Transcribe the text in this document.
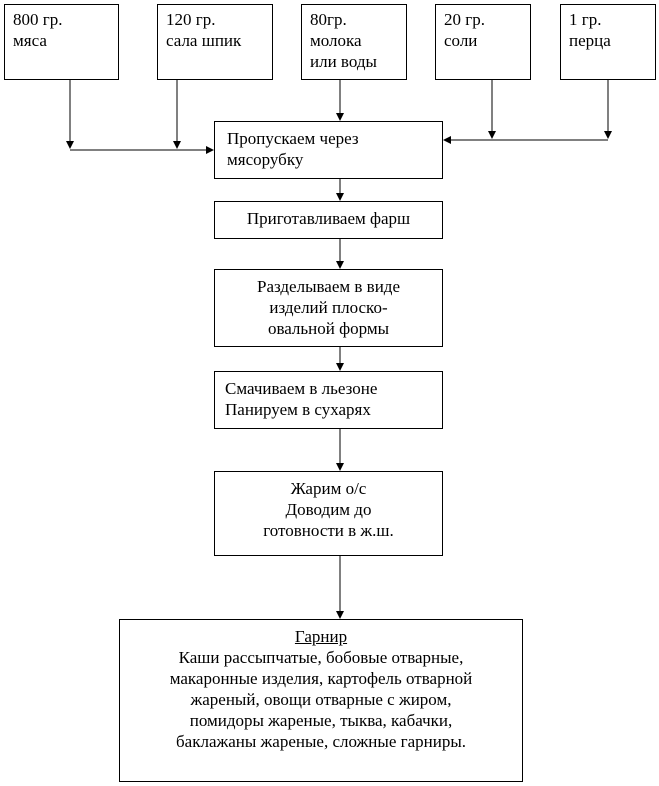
800 гр.
мяса
120 гр.
сала шпик
80гр.
молока
или воды
20 гр.
соли
1 гр.
перца
Пропускаем через
мясорубку
Приготавливаем фарш
Разделываем в виде
изделий плоско-
овальной формы
Смачиваем в льезоне
Панируем в сухарях
Жарим о/с
Доводим до
готовности в ж.ш.
Гарнир
Каши рассыпчатые, бобовые отварные,
макаронные изделия, картофель отварной
жареный, овощи отварные с жиром,
помидоры жареные, тыква, кабачки,
баклажаны жареные, сложные гарниры.
